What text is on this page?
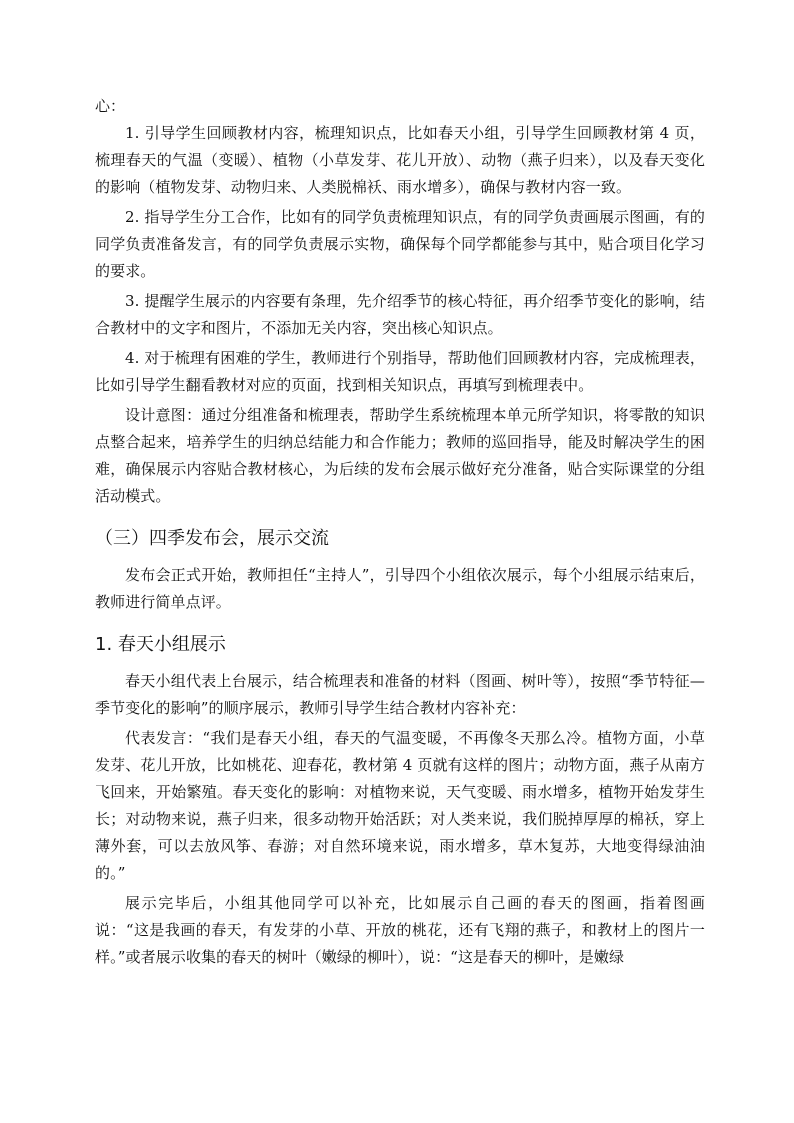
心：

1. 引导学生回顾教材内容，梳理知识点，比如春天小组，引导学生回顾教材第 4 页，梳理春天的气温（变暖）、植物（小草发芽、花儿开放）、动物（燕子归来），以及春天变化的影响（植物发芽、动物归来、人类脱棉袄、雨水增多），确保与教材内容一致。

2. 指导学生分工合作，比如有的同学负责梳理知识点，有的同学负责画展示图画，有的同学负责准备发言，有的同学负责展示实物，确保每个同学都能参与其中，贴合项目化学习的要求。

3. 提醒学生展示的内容要有条理，先介绍季节的核心特征，再介绍季节变化的影响，结合教材中的文字和图片，不添加无关内容，突出核心知识点。

4. 对于梳理有困难的学生，教师进行个别指导，帮助他们回顾教材内容，完成梳理表，比如引导学生翻看教材对应的页面，找到相关知识点，再填写到梳理表中。

设计意图：通过分组准备和梳理表，帮助学生系统梳理本单元所学知识，将零散的知识点整合起来，培养学生的归纳总结能力和合作能力；教师的巡回指导，能及时解决学生的困难，确保展示内容贴合教材核心，为后续的发布会展示做好充分准备，贴合实际课堂的分组活动模式。

（三）四季发布会，展示交流

发布会正式开始，教师担任“主持人”，引导四个小组依次展示，每个小组展示结束后，教师进行简单点评。

1. 春天小组展示

春天小组代表上台展示，结合梳理表和准备的材料（图画、树叶等），按照“季节特征—季节变化的影响”的顺序展示，教师引导学生结合教材内容补充：

代表发言：“我们是春天小组，春天的气温变暖，不再像冬天那么冷。植物方面，小草发芽、花儿开放，比如桃花、迎春花，教材第 4 页就有这样的图片；动物方面，燕子从南方飞回来，开始繁殖。春天变化的影响：对植物来说，天气变暖、雨水增多，植物开始发芽生长；对动物来说，燕子归来，很多动物开始活跃；对人类来说，我们脱掉厚厚的棉袄，穿上薄外套，可以去放风筝、春游；对自然环境来说，雨水增多，草木复苏，大地变得绿油油的。”

展示完毕后，小组其他同学可以补充，比如展示自己画的春天的图画，指着图画说：“这是我画的春天，有发芽的小草、开放的桃花，还有飞翔的燕子，和教材上的图片一样。”或者展示收集的春天的树叶（嫩绿的柳叶），说：“这是春天的柳叶，是嫩绿
